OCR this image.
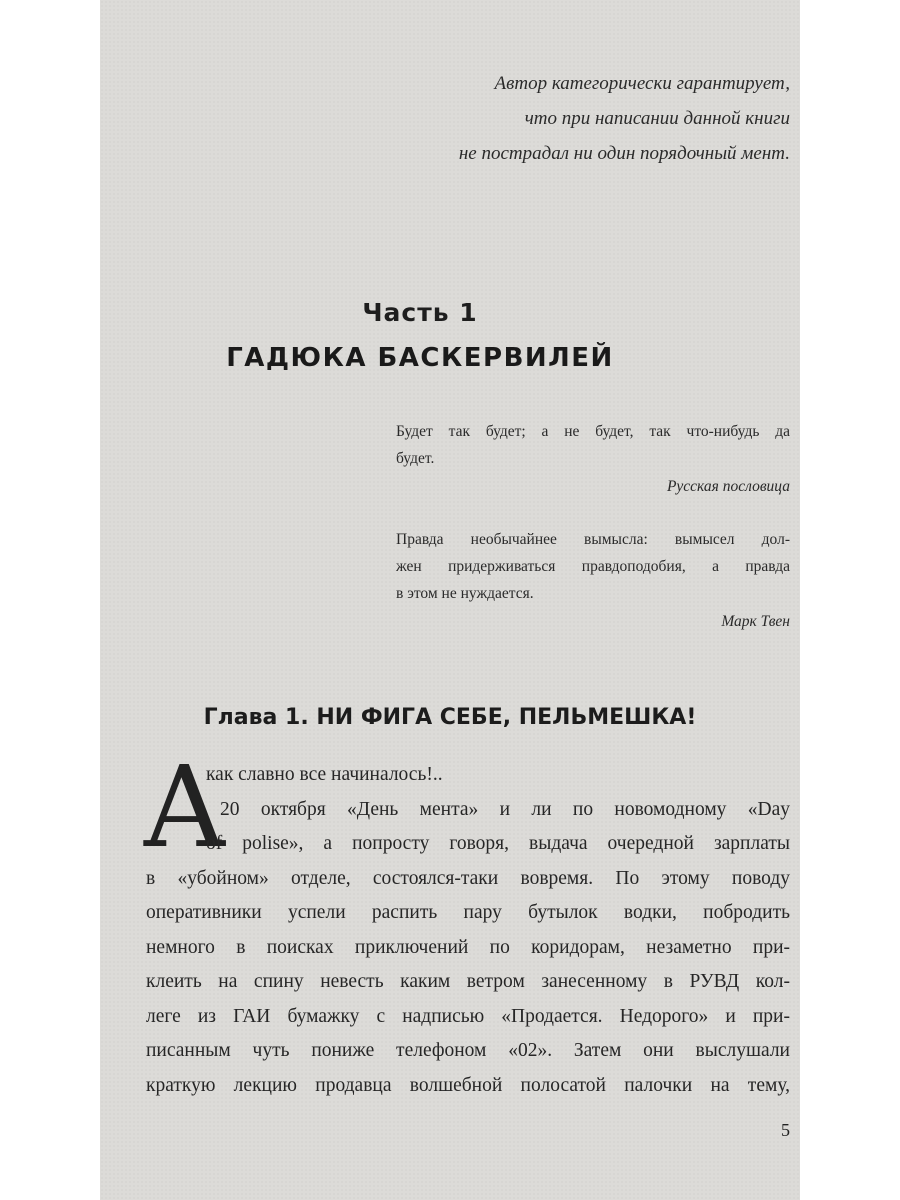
Автор категорически гарантирует,
что при написании данной книги
не пострадал ни один порядочный мент.
Часть 1
ГАДЮКА БАСКЕРВИЛЕЙ
Будет так будет; а не будет, так что-нибудь да
будет.
Русская пословица
Правда необычайнее вымысла: вымысел дол-
жен придерживаться правдоподобия, а правда
в этом не нуждается.
Марк Твен
Глава 1. НИ ФИГА СЕБЕ, ПЕЛЬМЕШКА!
А
как славно все начиналось!..
20 октября «День мента» и ли по новомодному «Day
of polise», а попросту говоря, выдача очередной зарплаты
в «убойном» отделе, состоялся-таки вовремя. По этому поводу
оперативники успели распить пару бутылок водки, побродить
немного в поисках приключений по коридорам, незаметно при-
клеить на спину невесть каким ветром занесенному в РУВД кол-
леге из ГАИ бумажку с надписью «Продается. Недорого» и при-
писанным чуть пониже телефоном «02». Затем они выслушали
краткую лекцию продавца волшебной полосатой палочки на тему,
5
